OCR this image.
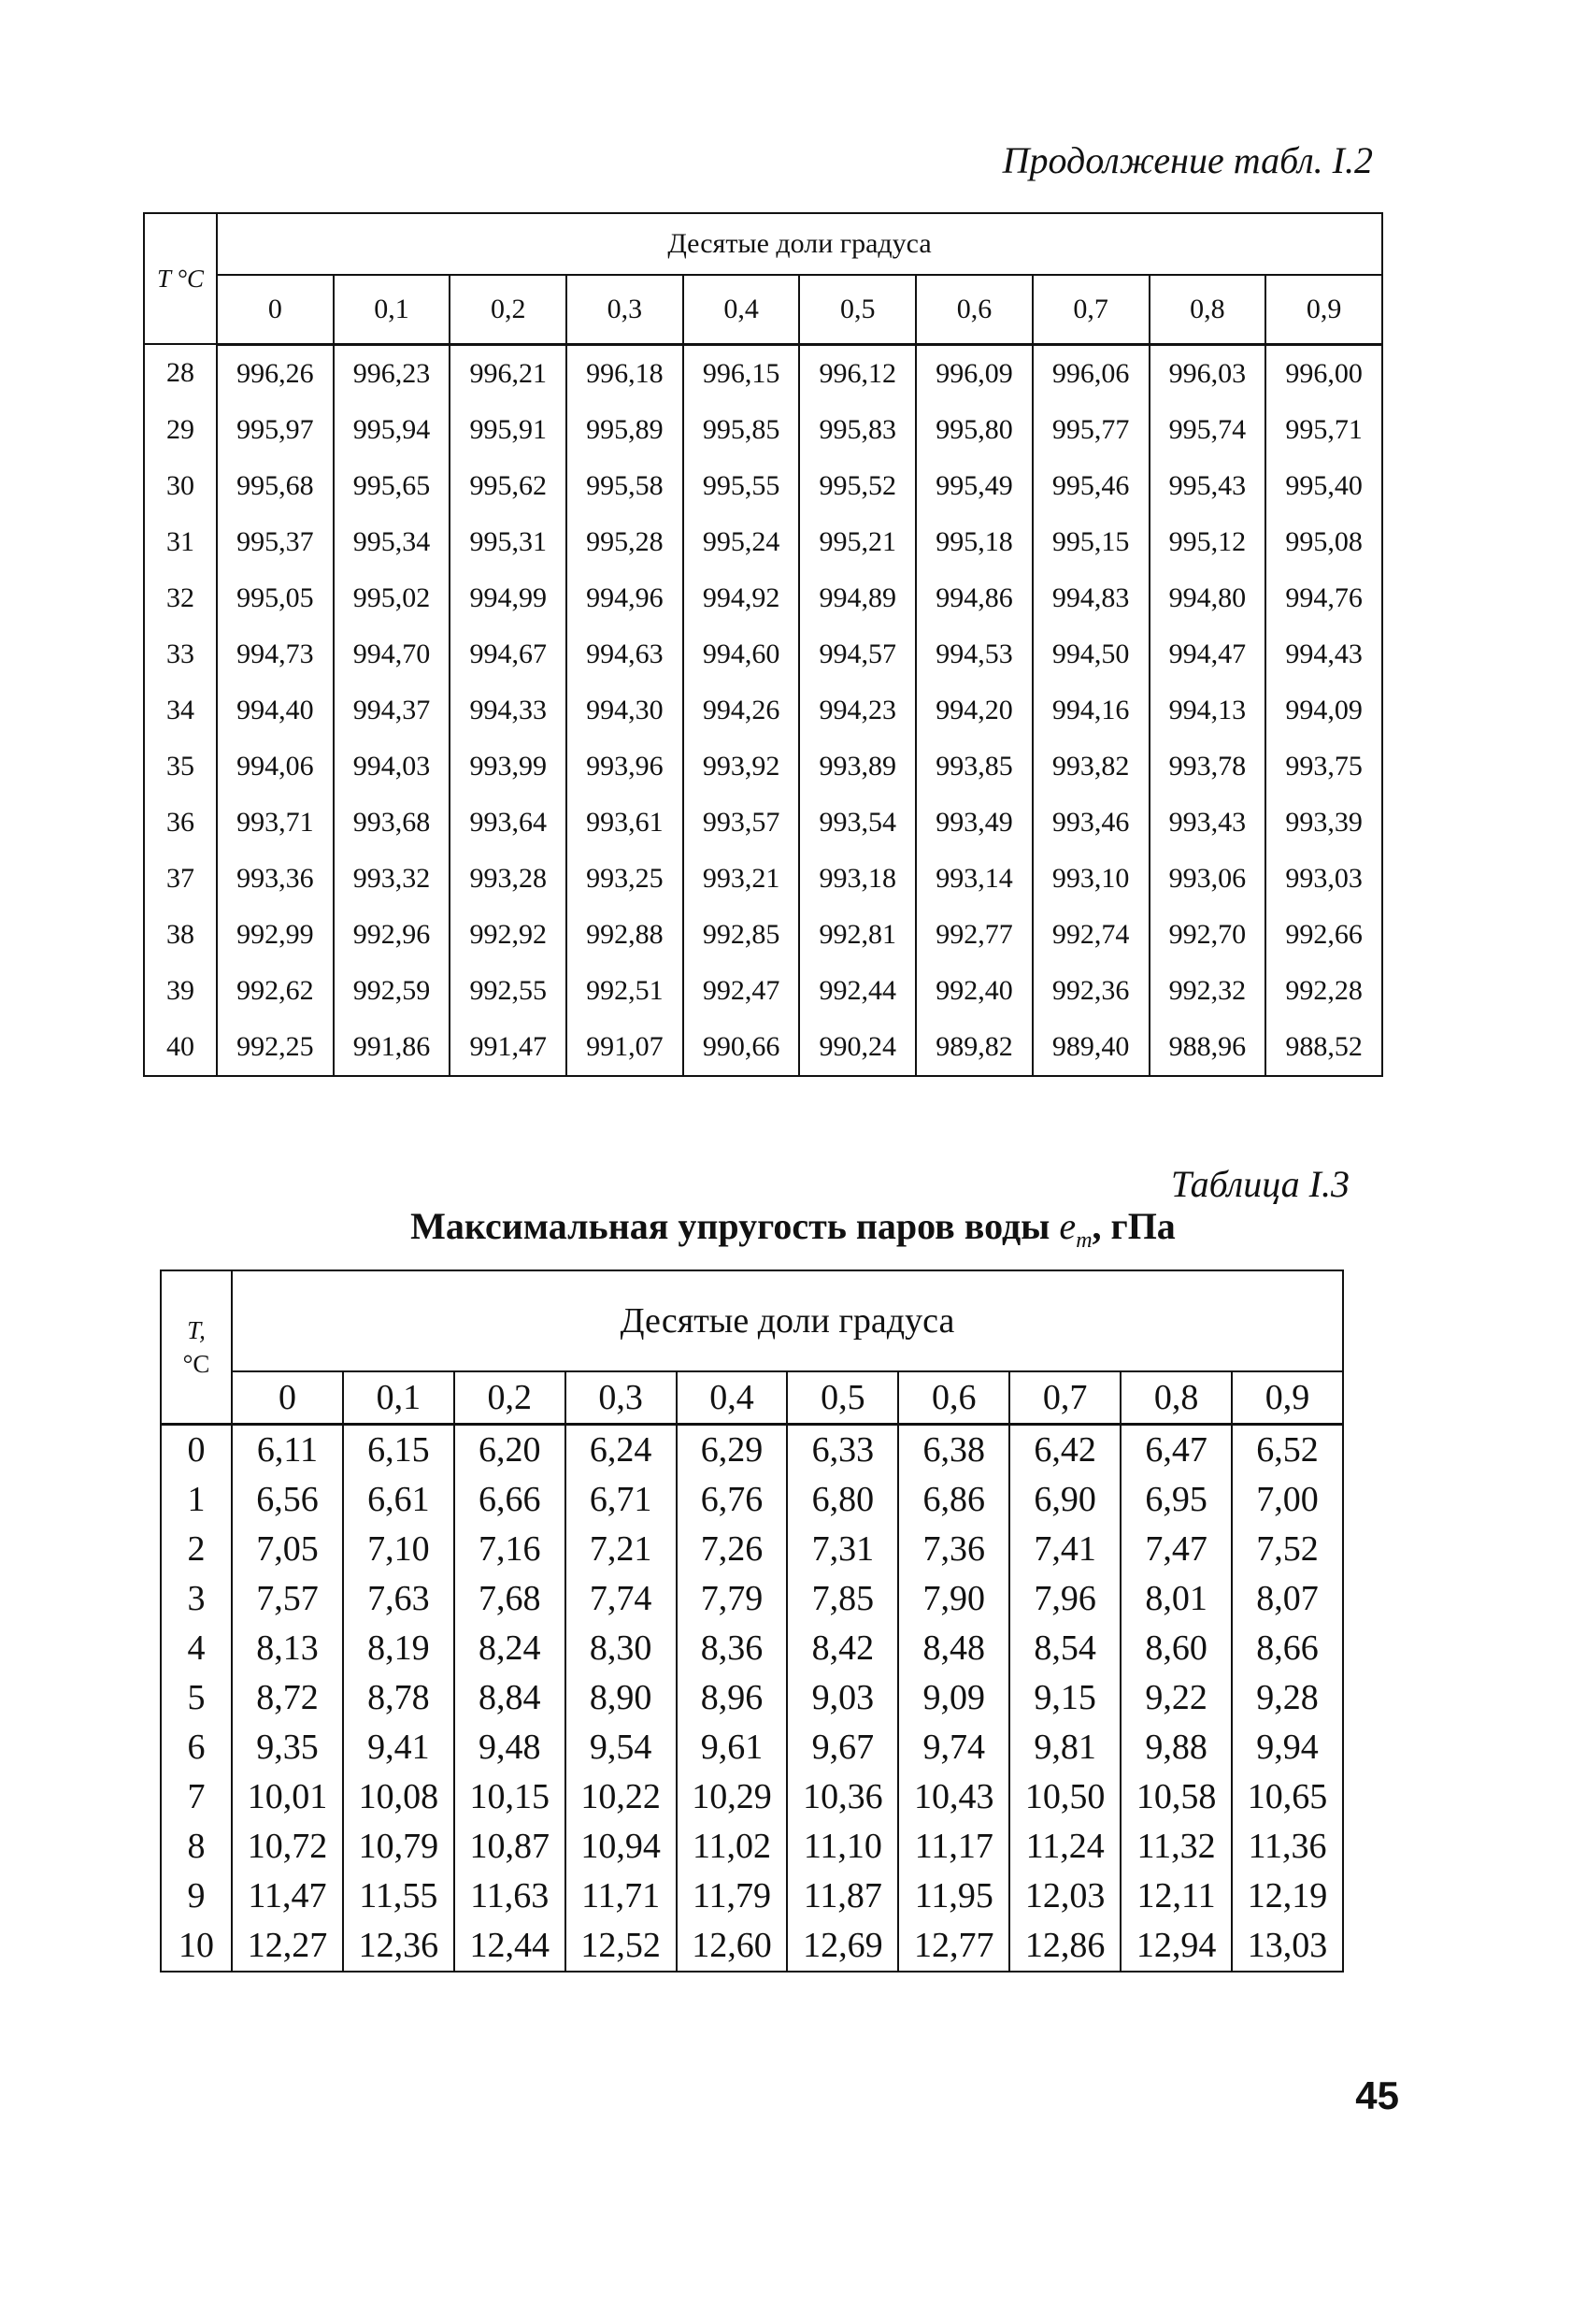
Продолжение табл. I.2
T °C	Десятые доли градуса									
	0	0,1	0,2	0,3	0,4	0,5	0,6	0,7	0,8	0,9
28	996,26	996,23	996,21	996,18	996,15	996,12	996,09	996,06	996,03	996,00
29	995,97	995,94	995,91	995,89	995,85	995,83	995,80	995,77	995,74	995,71
30	995,68	995,65	995,62	995,58	995,55	995,52	995,49	995,46	995,43	995,40
31	995,37	995,34	995,31	995,28	995,24	995,21	995,18	995,15	995,12	995,08
32	995,05	995,02	994,99	994,96	994,92	994,89	994,86	994,83	994,80	994,76
33	994,73	994,70	994,67	994,63	994,60	994,57	994,53	994,50	994,47	994,43
34	994,40	994,37	994,33	994,30	994,26	994,23	994,20	994,16	994,13	994,09
35	994,06	994,03	993,99	993,96	993,92	993,89	993,85	993,82	993,78	993,75
36	993,71	993,68	993,64	993,61	993,57	993,54	993,49	993,46	993,43	993,39
37	993,36	993,32	993,28	993,25	993,21	993,18	993,14	993,10	993,06	993,03
38	992,99	992,96	992,92	992,88	992,85	992,81	992,77	992,74	992,70	992,66
39	992,62	992,59	992,55	992,51	992,47	992,44	992,40	992,36	992,32	992,28
40	992,25	991,86	991,47	991,07	990,66	990,24	989,82	989,40	988,96	988,52
Таблица I.3
Максимальная упругость паров воды $e_m$, гПа
T,
°C	Десятые доли градуса									
	0	0,1	0,2	0,3	0,4	0,5	0,6	0,7	0,8	0,9
0	6,11	6,15	6,20	6,24	6,29	6,33	6,38	6,42	6,47	6,52
1	6,56	6,61	6,66	6,71	6,76	6,80	6,86	6,90	6,95	7,00
2	7,05	7,10	7,16	7,21	7,26	7,31	7,36	7,41	7,47	7,52
3	7,57	7,63	7,68	7,74	7,79	7,85	7,90	7,96	8,01	8,07
4	8,13	8,19	8,24	8,30	8,36	8,42	8,48	8,54	8,60	8,66
5	8,72	8,78	8,84	8,90	8,96	9,03	9,09	9,15	9,22	9,28
6	9,35	9,41	9,48	9,54	9,61	9,67	9,74	9,81	9,88	9,94
7	10,01	10,08	10,15	10,22	10,29	10,36	10,43	10,50	10,58	10,65
8	10,72	10,79	10,87	10,94	11,02	11,10	11,17	11,24	11,32	11,36
9	11,47	11,55	11,63	11,71	11,79	11,87	11,95	12,03	12,11	12,19
10	12,27	12,36	12,44	12,52	12,60	12,69	12,77	12,86	12,94	13,03
45
